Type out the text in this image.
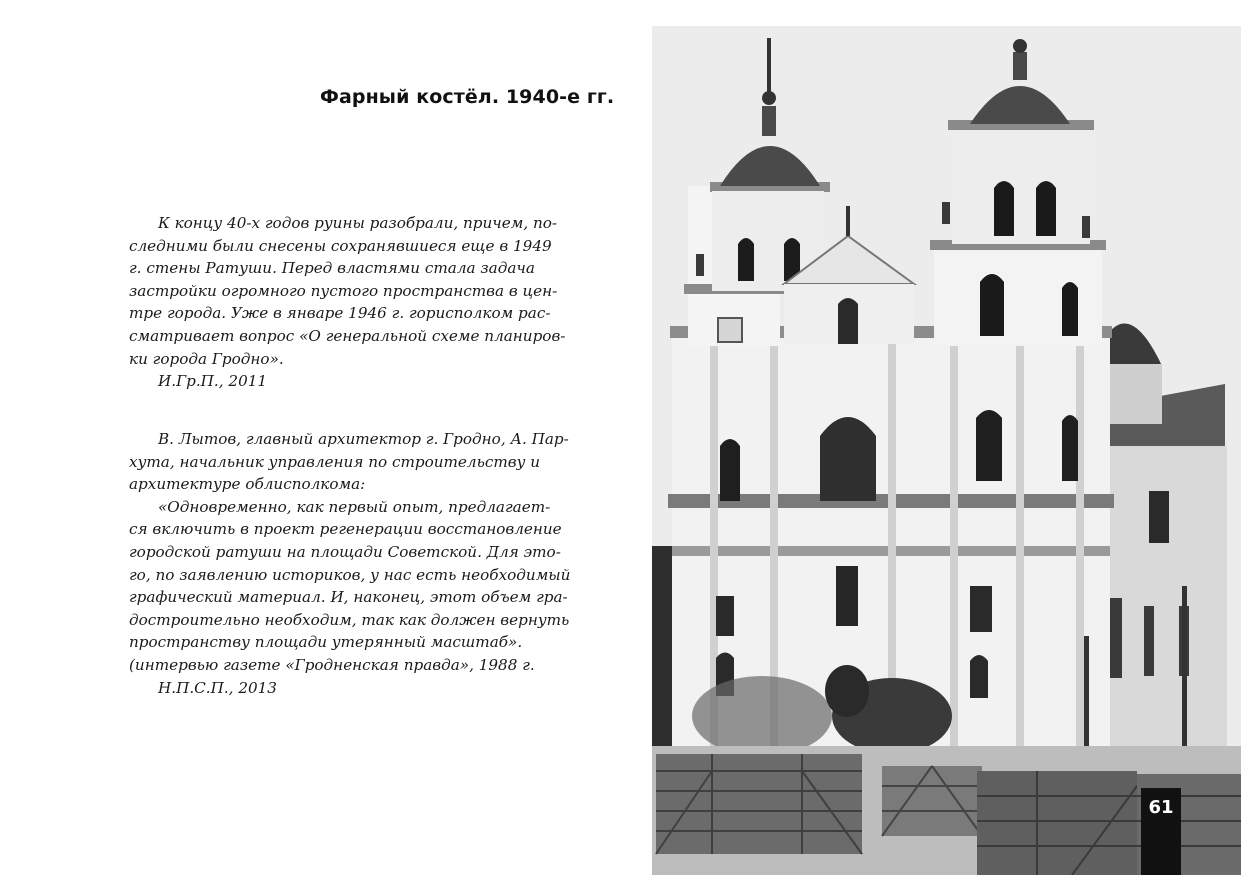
Фарный костёл. 1940-е гг.

К концу 40-х годов руины разобрали, причем, по-
следними были снесены сохранявшиеся еще в 1949
г. стены Ратуши. Перед властями стала задача
застройки огромного пустого пространства в цен-
тре города. Уже в январе 1946 г. горисполком рас-
сматривает вопрос «О генеральной схеме планиров-
ки города Гродно».

И.Гр.П., 2011

В. Лытов, главный архитектор г. Гродно, А. Пар-
хута, начальник управления по строительству и
архитектуре облисполкома:

«Одновременно, как первый опыт, предлагает-
ся включить в проект регенерации восстановление
городской ратуши на площади Советской. Для это-
го, по заявлению историков, у нас есть необходимый
графический материал. И, наконец, этот объем гра-
достроительно необходим, так как должен вернуть
пространству площади утерянный масштаб».
(интервью газете «Гродненская правда», 1988 г.

Н.П.С.П., 2013

61
